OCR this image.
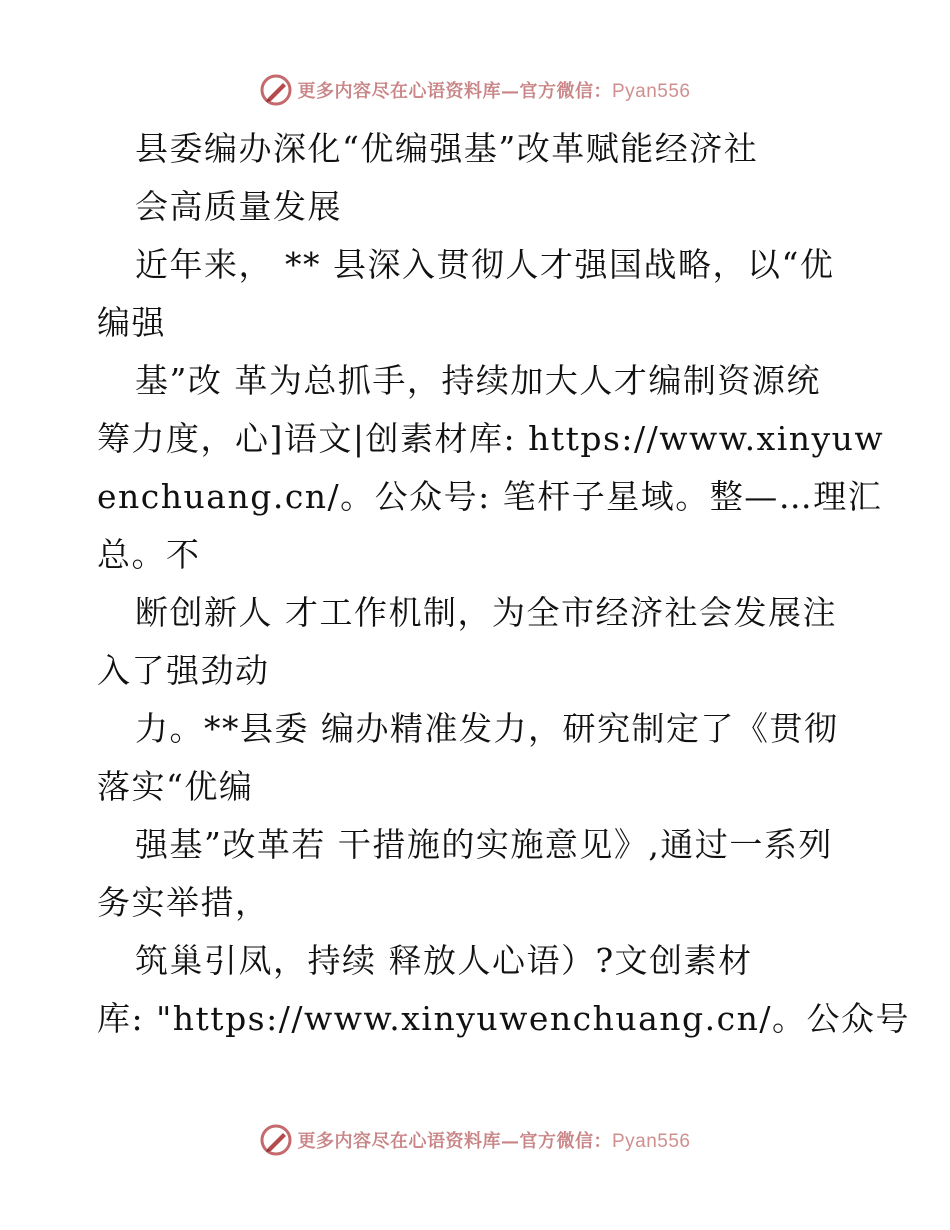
更多内容尽在心语资料库—官方微信：Pyan556
县委编办深化“优编强基”改革赋能经济社
会高质量发展
近年来， ** 县深入贯彻人才强国战略，以“优
编强
基”改 革为总抓手，持续加大人才编制资源统
筹力度，心]语文|创素材库: https://www.xinyuw
enchuang.cn/。公众号: 笔杆子星域。整—…理汇
总。不
断创新人 才工作机制，为全市经济社会发展注
入了强劲动
力。**县委 编办精准发力，研究制定了《贯彻
落实“优编
强基”改革若 干措施的实施意见》,通过一系列
务实举措，
筑巢引凤，持续 释放人心语）?文创素材
库: "https://www.xinyuwenchuang.cn/。公众号
更多内容尽在心语资料库—官方微信：Pyan556
